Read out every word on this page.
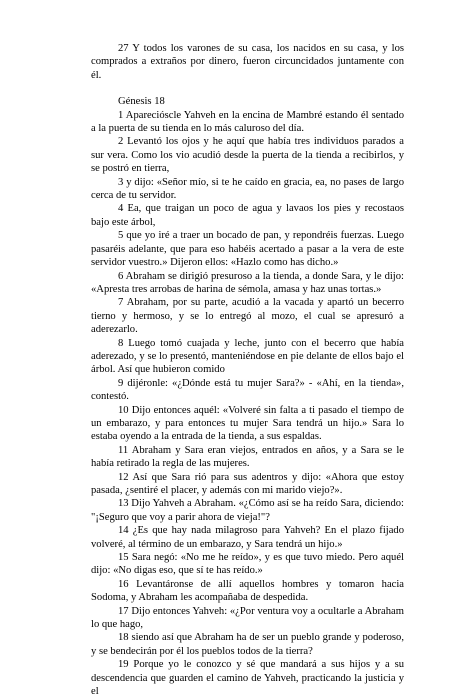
27 Y todos los varones de su casa, los nacidos en su casa, y los comprados a extraños por dinero, fueron circuncidados juntamente con él.

Génesis 18

1 Aparecióscle Yahveh en la encina de Mambré estando él sentado a la puerta de su tienda en lo más caluroso del día.

2 Levantó los ojos y he aquí que había tres individuos parados a sur vera. Como los vio acudió desde la puerta de la tienda a recibirlos, y se postró en tierra,

3 y dijo: «Señor mío, si te he caído en gracia, ea, no pases de largo cerca de tu servidor.

4 Ea, que traigan un poco de agua y lavaos los pies y recostaos bajo este árbol,

5 que yo iré a traer un bocado de pan, y repondréis fuerzas. Luego pasaréis adelante, que para eso habéis acertado a pasar a la vera de este servidor vuestro.» Dijeron ellos: «Hazlo como has dicho.»

6 Abraham se dirigió presuroso a la tienda, a donde Sara, y le dijo: «Apresta tres arrobas de harina de sémola, amasa y haz unas tortas.»

7 Abraham, por su parte, acudió a la vacada y apartó un becerro tierno y hermoso, y se lo entregó al mozo, el cual se apresuró a aderezarlo.

8 Luego tomó cuajada y leche, junto con el becerro que había aderezado, y se lo presentó, manteniéndose en pie delante de ellos bajo el árbol. Así que hubieron comido

9 dijéronle: «¿Dónde está tu mujer Sara?» - «Ahí, en la tienda», contestó.

10 Dijo entonces aquél: «Volveré sin falta a ti pasado el tiempo de un embarazo, y para entonces tu mujer Sara tendrá un hijo.» Sara lo estaba oyendo a la entrada de la tienda, a sus espaldas.

11 Abraham y Sara eran viejos, entrados en años, y a Sara se le había retirado la regla de las mujeres.

12 Así que Sara rió para sus adentros y dijo: «Ahora que estoy pasada, ¿sentiré el placer, y además con mi marido viejo?».

13 Dijo Yahveh a Abraham. «¿Cómo así se ha reído Sara, diciendo: "¡Seguro que voy a parir ahora de vieja!"?

14 ¿Es que hay nada milagroso para Yahveh? En el plazo fijado volveré, al término de un embarazo, y Sara tendrá un hijo.»

15 Sara negó: «No me he reído», y es que tuvo miedo. Pero aquél dijo: «No digas eso, que sí te has reído.»

16 Levantáronse de allí aquellos hombres y tomaron hacia Sodoma, y Abraham les acompañaba de despedida.

17 Dijo entonces Yahveh: «¿Por ventura voy a ocultarle a Abraham lo que hago,

18 siendo así que Abraham ha de ser un pueblo grande y poderoso, y se bendecirán por él los pueblos todos de la tierra?

19 Porque yo le conozco y sé que mandará a sus hijos y a su descendencia que guarden el camino de Yahveh, practicando la justicia y el
